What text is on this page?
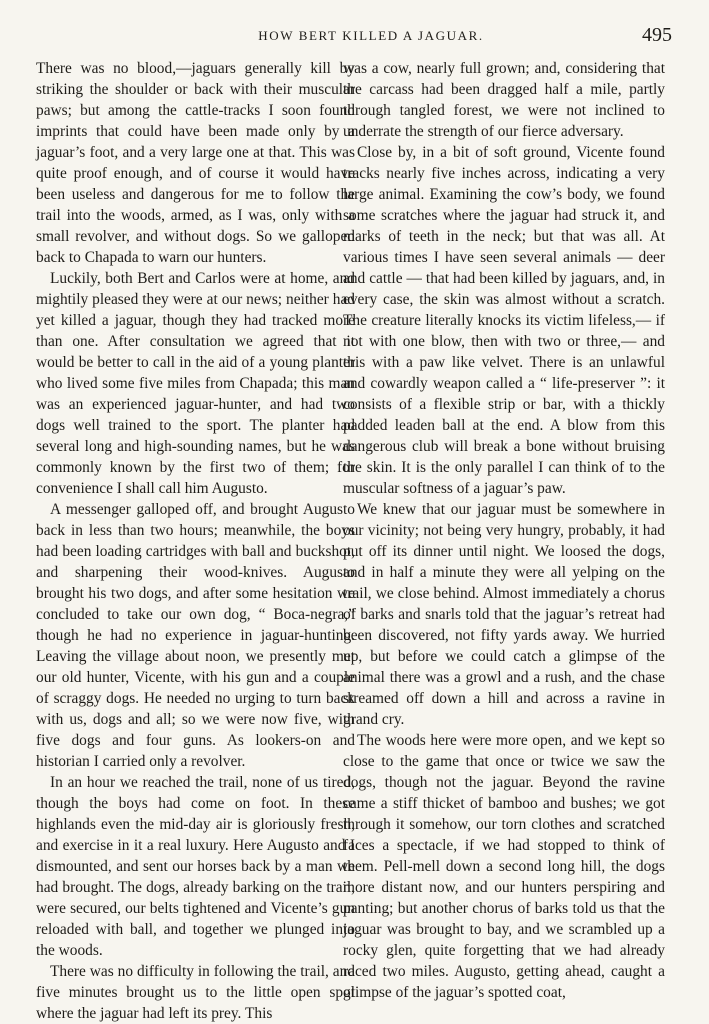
HOW BERT KILLED A JAGUAR.	495

There was no blood,—jaguars generally kill by striking the shoulder or back with their muscular paws; but among the cattle-tracks I soon found imprints that could have been made only by a jaguar’s foot, and a very large one at that. This was quite proof enough, and of course it would have been useless and dangerous for me to follow the trail into the woods, armed, as I was, only with a small revolver, and without dogs. So we galloped back to Chapada to warn our hunters.

Luckily, both Bert and Carlos were at home, and mightily pleased they were at our news; neither had yet killed a jaguar, though they had tracked more than one. After consultation we agreed that it would be better to call in the aid of a young planter who lived some five miles from Chapada; this man was an experienced jaguar-hunter, and had two dogs well trained to the sport. The planter had several long and high-sounding names, but he was commonly known by the first two of them; for convenience I shall call him Augusto.

A messenger galloped off, and brought Augusto back in less than two hours; meanwhile, the boys had been loading cartridges with ball and buckshot, and sharpening their wood-knives. Augusto brought his two dogs, and after some hesitation we concluded to take our own dog, “ Boca-negra,” though he had no experience in jaguar-hunting. Leaving the village about noon, we presently met our old hunter, Vicente, with his gun and a couple of scraggy dogs. He needed no urging to turn back with us, dogs and all; so we were now five, with five dogs and four guns. As lookers-on and historian I carried only a revolver.

In an hour we reached the trail, none of us tired, though the boys had come on foot. In these highlands even the mid-day air is gloriously fresh, and exercise in it a real luxury. Here Augusto and I dismounted, and sent our horses back by a man we had brought. The dogs, already barking on the trail, were secured, our belts tightened and Vicente’s gun reloaded with ball, and together we plunged into the woods.

There was no difficulty in following the trail, and five minutes brought us to the little open spot where the jaguar had left its prey. This

was a cow, nearly full grown; and, considering that the carcass had been dragged half a mile, partly through tangled forest, we were not inclined to underrate the strength of our fierce adversary.

Close by, in a bit of soft ground, Vicente found tracks nearly five inches across, indicating a very large animal. Examining the cow’s body, we found some scratches where the jaguar had struck it, and marks of teeth in the neck; but that was all. At various times I have seen several animals — deer and cattle — that had been killed by jaguars, and, in every case, the skin was almost without a scratch. The creature literally knocks its victim lifeless,— if not with one blow, then with two or three,— and this with a paw like velvet. There is an unlawful and cowardly weapon called a “ life-preserver ”: it consists of a flexible strip or bar, with a thickly padded leaden ball at the end. A blow from this dangerous club will break a bone without bruising the skin. It is the only parallel I can think of to the muscular softness of a jaguar’s paw.

We knew that our jaguar must be somewhere in our vicinity; not being very hungry, probably, it had put off its dinner until night. We loosed the dogs, and in half a minute they were all yelping on the trail, we close behind. Almost immediately a chorus of barks and snarls told that the jaguar’s retreat had been discovered, not fifty yards away. We hurried up, but before we could catch a glimpse of the animal there was a growl and a rush, and the chase streamed off down a hill and across a ravine in grand cry.

The woods here were more open, and we kept so close to the game that once or twice we saw the dogs, though not the jaguar. Beyond the ravine came a stiff thicket of bamboo and bushes; we got through it somehow, our torn clothes and scratched faces a spectacle, if we had stopped to think of them. Pell-mell down a second long hill, the dogs more distant now, and our hunters perspiring and panting; but another chorus of barks told us that the jaguar was brought to bay, and we scrambled up a rocky glen, quite forgetting that we had already raced two miles. Augusto, getting ahead, caught a glimpse of the jaguar’s spotted coat,
